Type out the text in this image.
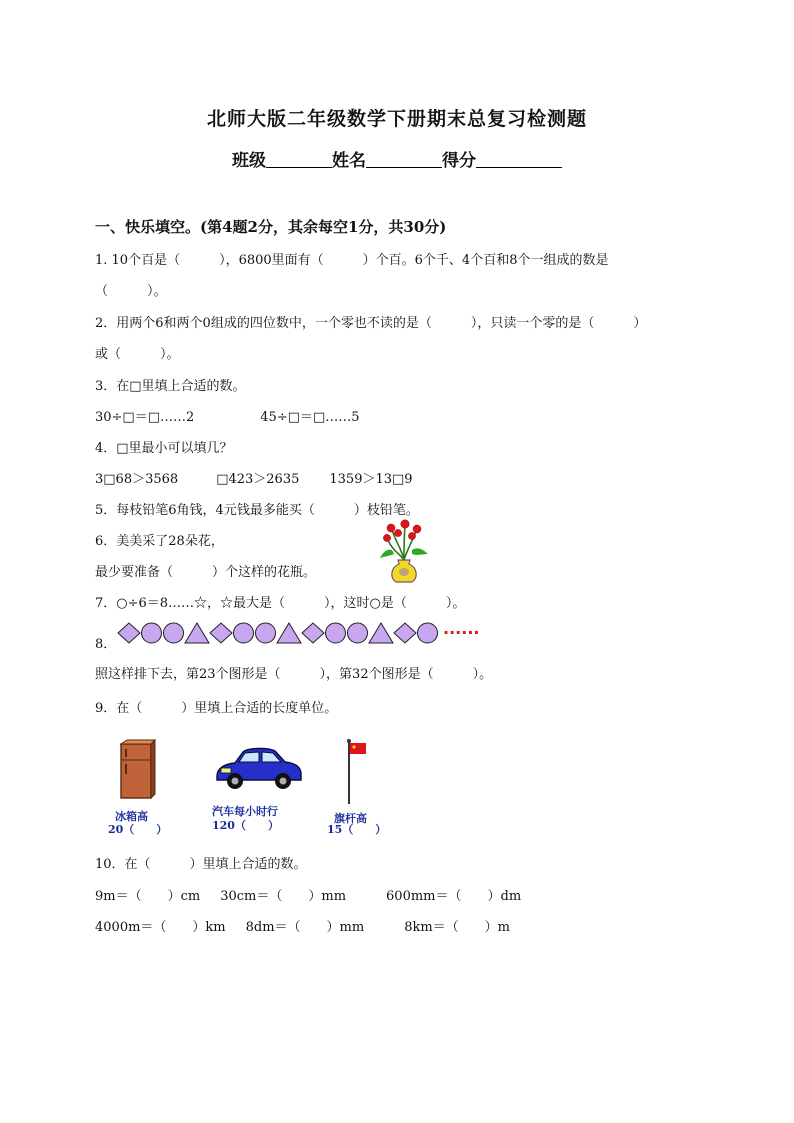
北师大版二年级数学下册期末总复习检测题
班级	姓名	得分
一、快乐填空。(第4题2分，其余每空1分，共30分)
1. 10个百是（　　　），6800里面有（　　　）个百。6个千、4个百和8个一组成的数是
（　　　）。
2．用两个6和两个0组成的四位数中，一个零也不读的是（　　　），只读一个零的是（　　　）
或（　　　）。
3．在□里填上合适的数。
30÷□＝□……2	45÷□＝□……5
4．□里最小可以填几？
3□68＞3568	□423＞2635 1359＞13□9
5．每枝铅笔6角钱，4元钱最多能买（　　　）枝铅笔。
6．美美采了28朵花，
最少要准备（　　　）个这样的花瓶。
7．○÷6＝8……☆，☆最大是（　　　），这时○是（　　　）。
8．
······
照这样排下去，第23个图形是（　　　），第32个图形是（　　　）。
9．在（　　　）里填上合适的长度单位。
冰箱高
20（　　）
汽车每小时行
120（　　）
旗杆高
15（　　）
10．在（　　　）里填上合适的数。
9m＝（　　）cm 30cm＝（　　）mm	600mm＝（　　）dm
4000m＝（　　）km 8dm＝（　　）mm	8km＝（　　）m
